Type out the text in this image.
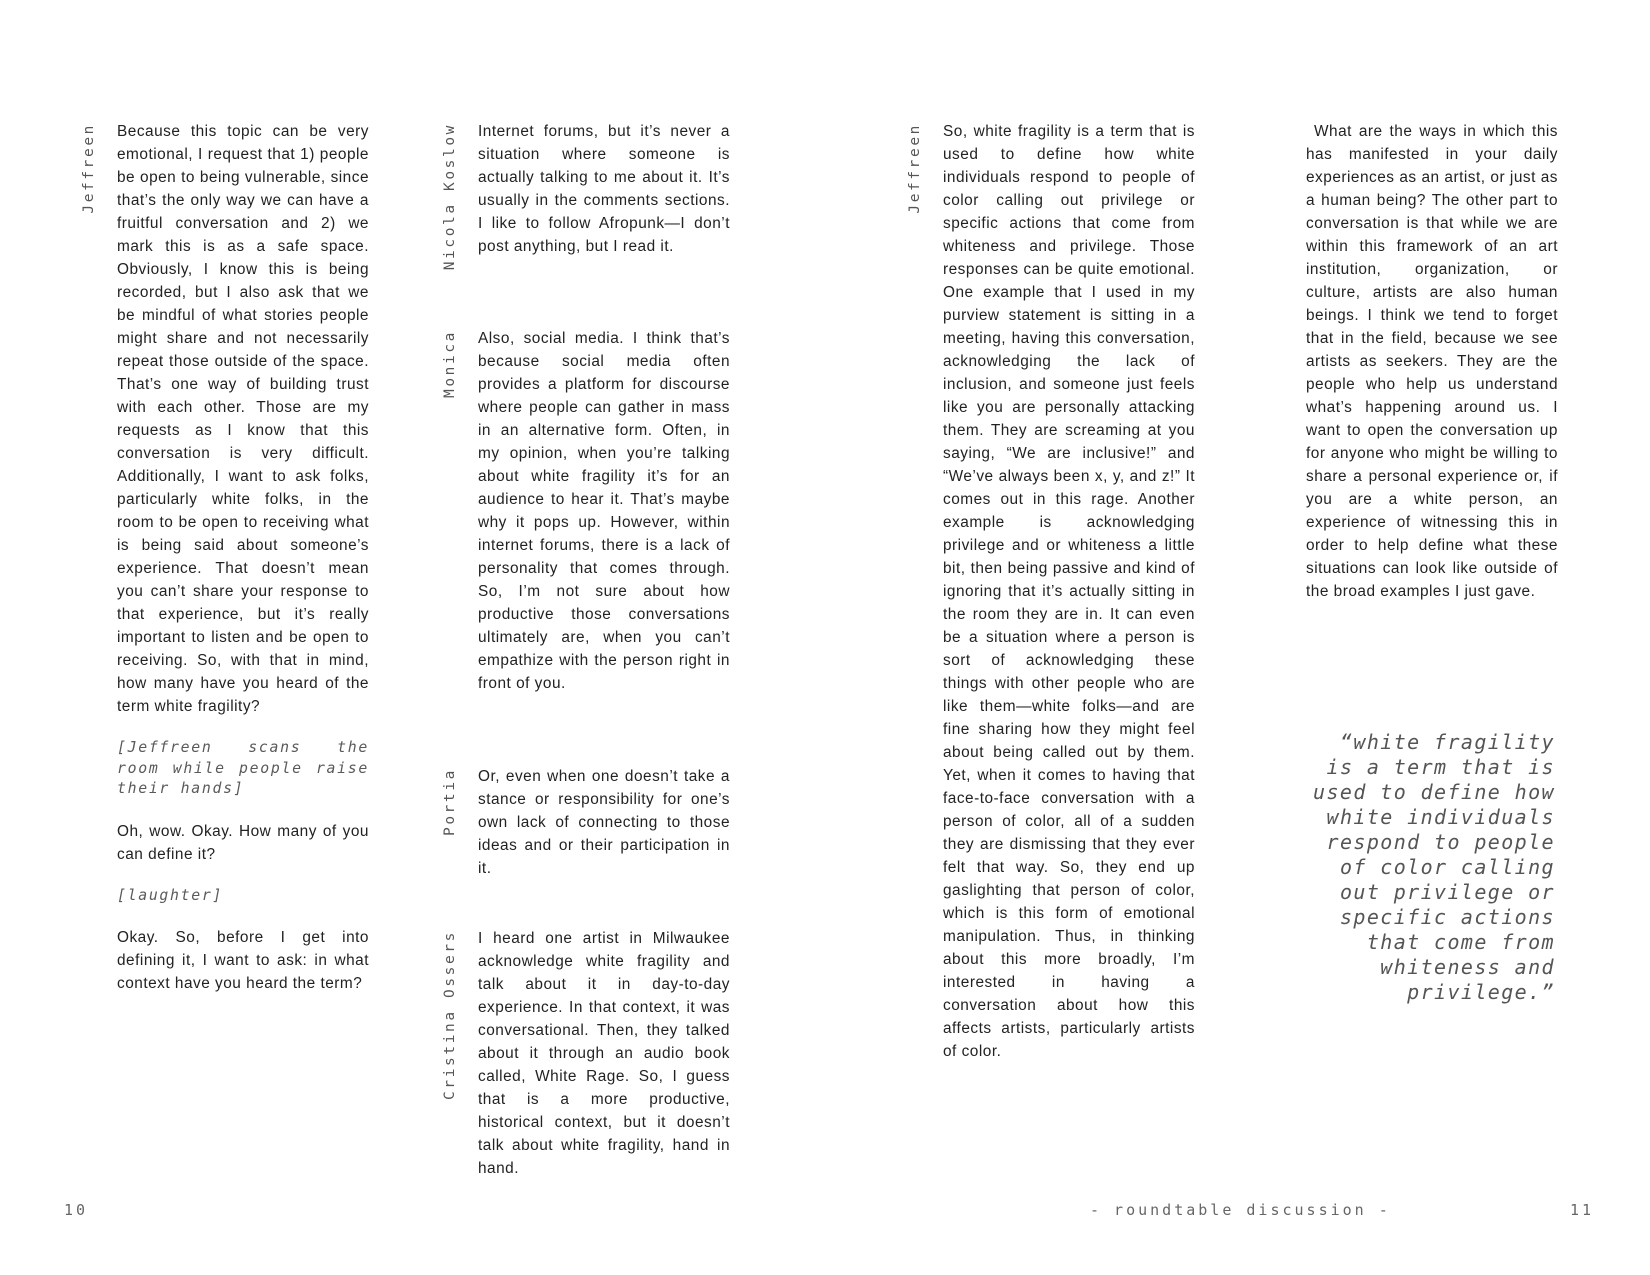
Jeffreen Because this topic can be very emotional, I request that 1) people be open to being vulnerable, since that’s the only way we can have a fruitful conversation and 2) we mark this is as a safe space. Obviously, I know this is being recorded, but I also ask that we be mindful of what stories people might share and not necessarily repeat those outside of the space. That’s one way of building trust with each other. Those are my requests as I know that this conversation is very difficult. Additionally, I want to ask folks, particularly white folks, in the room to be open to receiving what is being said about someone’s experience. That doesn’t mean you can’t share your response to that experience, but it’s really important to listen and be open to receiving. So, with that in mind, how many have you heard of the term white fragility?

[Jeffreen scans the room while people raise their hands]

Oh, wow. Okay. How many of you can define it?

[laughter]

Okay. So, before I get into defining it, I want to ask: in what context have you heard the term?

Nicola Koslow
Monica
Portia
Cristina Ossers

Internet forums, but it’s never a situation where someone is actually talking to me about it. It’s usually in the comments sections. I like to follow Afropunk—I don’t post anything, but I read it.

Also, social media. I think that’s because social media often provides a platform for discourse where people can gather in mass in an alternative form. Often, in my opinion, when you’re talking about white fragility it’s for an audience to hear it. That’s maybe why it pops up. However, within internet forums, there is a lack of personality that comes through. So, I’m not sure about how productive those conversations ultimately are, when you can’t empathize with the person right in front of you.

Or, even when one doesn’t take a stance or responsibility for one’s own lack of connecting to those ideas and or their participation in it.

I heard one artist in Milwaukee acknowledge white fragility and talk about it in day-to-day experience. In that context, it was conversational. Then, they talked about it through an audio book called, White Rage. So, I guess that is a more productive, historical context, but it doesn’t talk about white fragility, hand in hand.

10
Jeffreen So, white fragility is a term that is used to define how white individuals respond to people of color calling out privilege or specific actions that come from whiteness and privilege. Those responses can be quite emotional. One example that I used in my purview statement is sitting in a meeting, having this conversation, acknowledging the lack of inclusion, and someone just feels like you are personally attacking them. They are screaming at you saying, “We are inclusive!” and “We’ve always been x, y, and z!” It comes out in this rage. Another example is acknowledging privilege and or whiteness a little bit, then being passive and kind of ignoring that it’s actually sitting in the room they are in. It can even be a situation where a person is sort of acknowledging these things with other people who are like them—white folks—and are fine sharing how they might feel about being called out by them. Yet, when it comes to having that face-to-face conversation with a person of color, all of a sudden they are dismissing that they ever felt that way. So, they end up gaslighting that person of color, which is this form of emotional manipulation. Thus, in thinking about this more broadly, I’m interested in having a conversation about how this affects artists, particularly artists of color.

What are the ways in which this has manifested in your daily experiences as an artist, or just as a human being? The other part to conversation is that while we are within this framework of an art institution, organization, or culture, artists are also human beings. I think we tend to forget that in the field, because we see artists as seekers. They are the people who help us understand what’s happening around us. I want to open the conversation up for anyone who might be willing to share a personal experience or, if you are a white person, an experience of witnessing this in order to help define what these situations can look like outside of the broad examples I just gave.

“white fragility is a term that is used to define how white individuals respond to people of color calling out privilege or specific actions that come from whiteness and privilege.”

- roundtable discussion -	11
